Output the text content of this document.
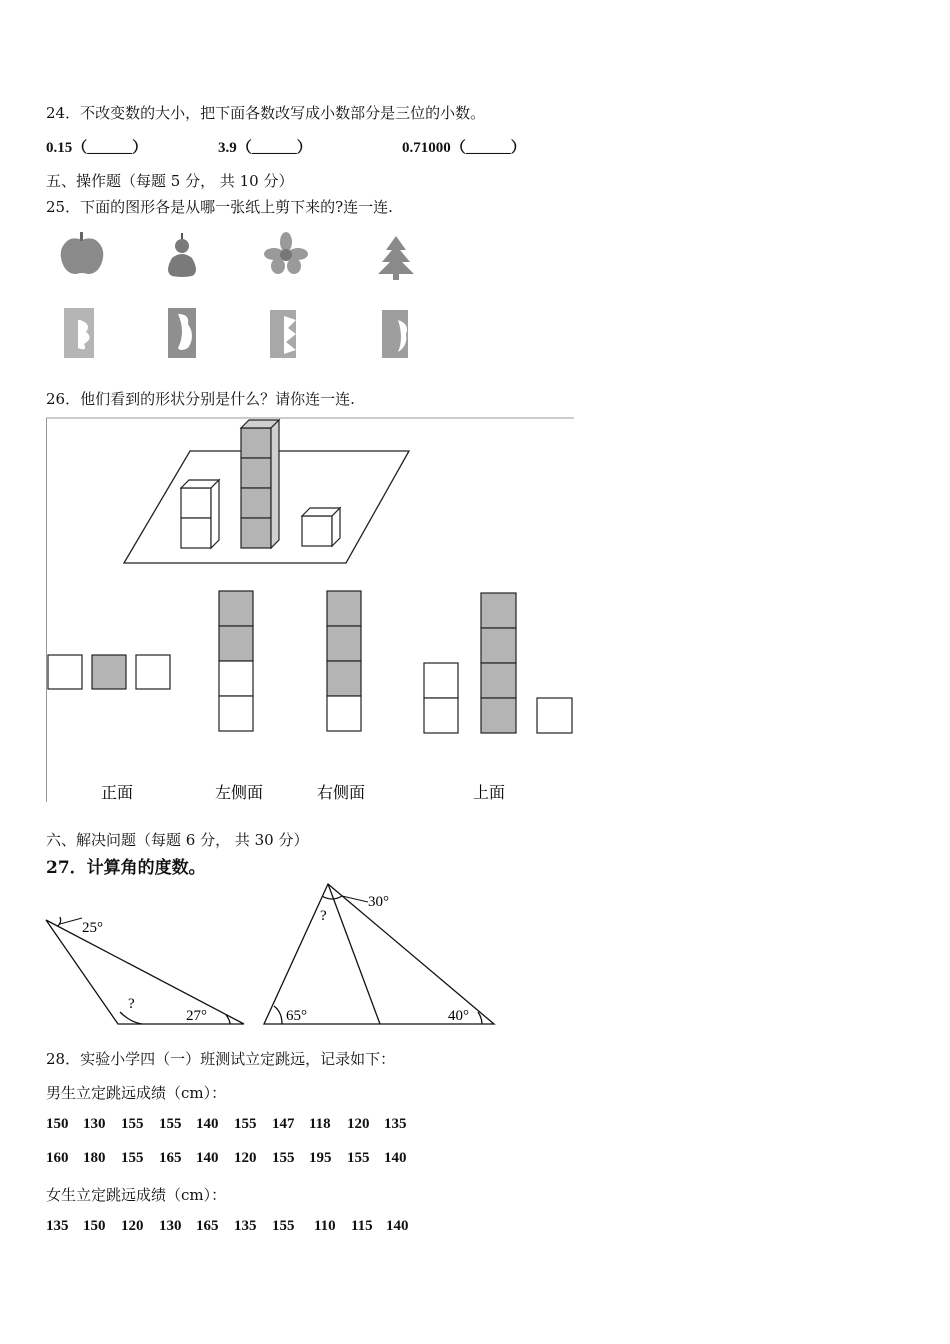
24．不改变数的大小，把下面各数改写成小数部分是三位的小数。
0.15（______）	3.9（______）	0.71000（______）
五、操作题（每题 5 分， 共 10 分）
25．下面的图形各是从哪一张纸上剪下来的?连一连.
26．他们看到的形状分别是什么？请你连一连.
正面	左侧面	右侧面	上面
六、解决问题（每题 6 分， 共 30 分）
27．计算角的度数。
25°
?
27°
?
30°
65°	40°
28．实验小学四（一）班测试立定跳远，记录如下：
男生立定跳远成绩（cm）：
150 130 155 155 140 155 147 118 120 135
160 180 155 165 140 120 155 195 155 140
女生立定跳远成绩（cm）：
135 150 120 130 165 135 155 110 115 140
